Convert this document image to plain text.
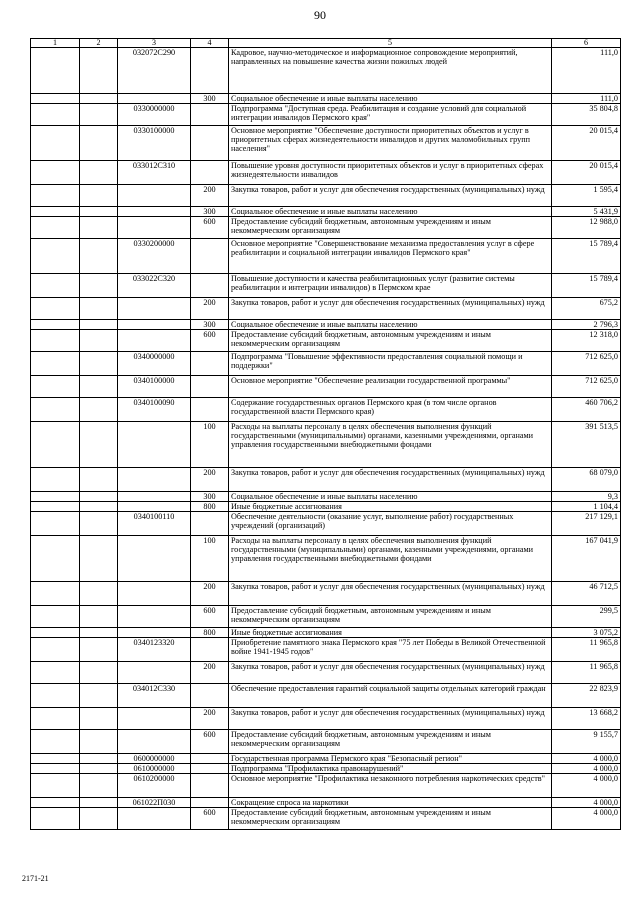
90
1	2	3	4	5	6
		032072C290		Кадровое, научно-методическое и информационное сопровождение мероприятий, направленных на повышение качества жизни пожилых людей	111,0
			300	Социальное обеспечение и иные выплаты населению	111,0
		0330000000		Подпрограмма "Доступная среда. Реабилитация и создание условий для социальной интеграции инвалидов Пермского края"	35 804,8
		0330100000		Основное мероприятие "Обеспечение доступности приоритетных объектов и услуг в приоритетных сферах жизнедеятельности инвалидов и других маломобильных групп населения"	20 015,4
		033012С310		Повышение уровня доступности приоритетных объектов и услуг в приоритетных сферах жизнедеятельности инвалидов	20 015,4
			200	Закупка товаров, работ и услуг для обеспечения государственных (муниципальных) нужд	1 595,4
			300	Социальное обеспечение и иные выплаты населению	5 431,9
			600	Предоставление субсидий бюджетным, автономным учреждениям и иным некоммерческим организациям	12 988,0
		0330200000		Основное мероприятие "Совершенствование механизма предоставления услуг в сфере реабилитации и социальной интеграции инвалидов Пермского края"	15 789,4
		033022С320		Повышение доступности и качества реабилитационных услуг (развитие системы реабилитации и интеграции инвалидов) в Пермском крае	15 789,4
			200	Закупка товаров, работ и услуг для обеспечения государственных (муниципальных) нужд	675,2
			300	Социальное обеспечение и иные выплаты населению	2 796,3
			600	Предоставление субсидий бюджетным, автономным учреждениям и иным некоммерческим организациям	12 318,0
		0340000000		Подпрограмма "Повышение эффективности предоставления социальной помощи и поддержки"	712 625,0
		0340100000		Основное мероприятие "Обеспечение реализации государственной программы"	712 625,0
		0340100090		Содержание государственных органов Пермского края (в том числе органов государственной власти Пермского края)	460 706,2
			100	Расходы на выплаты персоналу в целях обеспечения выполнения функций государственными (муниципальными) органами, казенными учреждениями, органами управления государственными внебюджетными фондами	391 513,5
			200	Закупка товаров, работ и услуг для обеспечения государственных (муниципальных) нужд	68 079,0
			300	Социальное обеспечение и иные выплаты населению	9,3
			800	Иные бюджетные ассигнования	1 104,4
		0340100110		Обеспечение деятельности (оказание услуг, выполнение работ) государственных учреждений (организаций)	217 129,1
			100	Расходы на выплаты персоналу в целях обеспечения выполнения функций государственными (муниципальными) органами, казенными учреждениями, органами управления государственными внебюджетными фондами	167 041,9
			200	Закупка товаров, работ и услуг для обеспечения государственных (муниципальных) нужд	46 712,5
			600	Предоставление субсидий бюджетным, автономным учреждениям и иным некоммерческим организациям	299,5
			800	Иные бюджетные ассигнования	3 075,2
		0340123320		Приобретение памятного знака Пермского края "75 лет Победы в Великой Отечественной войне 1941-1945 годов"	11 965,8
			200	Закупка товаров, работ и услуг для обеспечения государственных (муниципальных) нужд	11 965,8
		034012С330		Обеспечение предоставления гарантий социальной защиты отдельных категорий граждан	22 823,9
			200	Закупка товаров, работ и услуг для обеспечения государственных (муниципальных) нужд	13 668,2
			600	Предоставление субсидий бюджетным, автономным учреждениям и иным некоммерческим организациям	9 155,7
		0600000000		Государственная программа Пермского края "Безопасный регион"	4 000,0
		0610000000		Подпрограмма "Профилактика правонарушений"	4 000,0
		0610200000		Основное мероприятие "Профилактика незаконного потребления наркотических средств"	4 000,0
		061022П030		Сокращение спроса на наркотики	4 000,0
			600	Предоставление субсидий бюджетным, автономным учреждениям и иным некоммерческим организациям	4 000,0
2171-21
